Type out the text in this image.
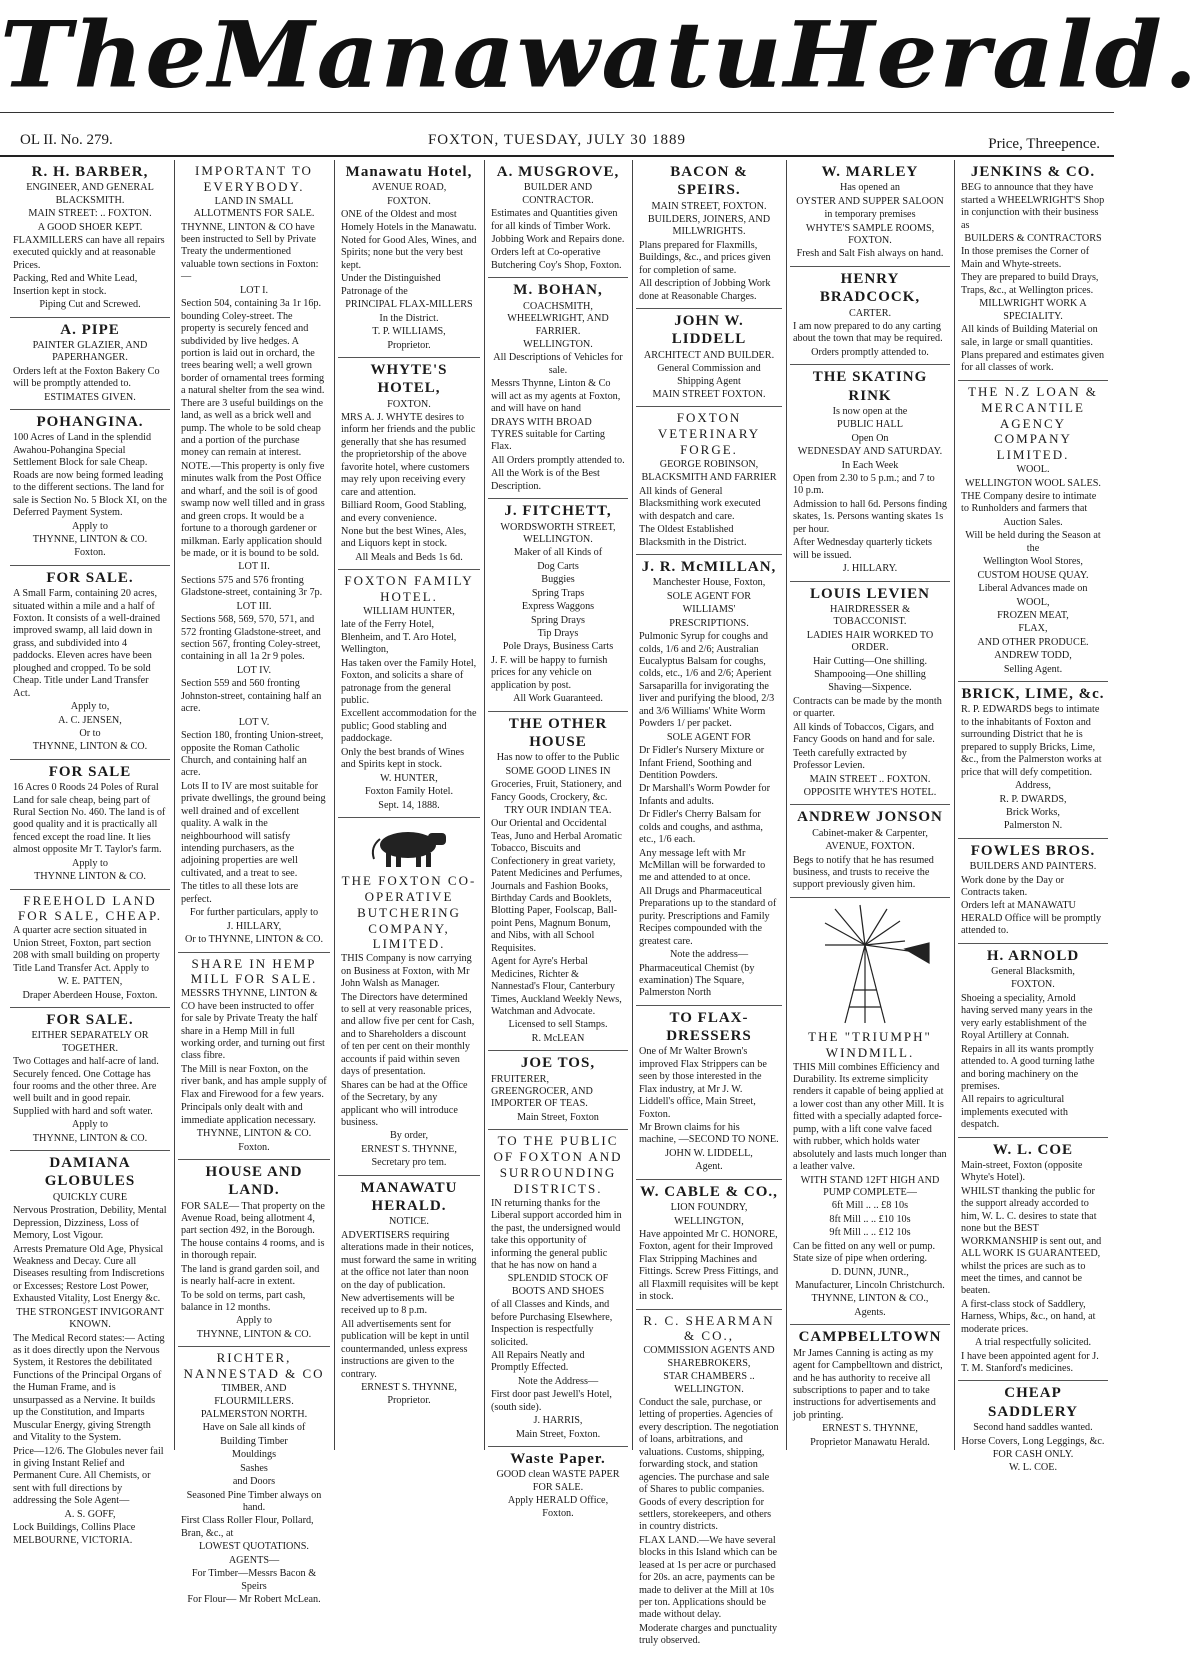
The Manawatu Herald.
OL II. No. 279.	FOXTON, TUESDAY, JULY 30 1889	Price, Threepence.
R. H. BARBER,

ENGINEER, AND GENERAL BLACKSMITH.

MAIN STREET: .. FOXTON.

A GOOD SHOER KEPT.

FLAXMILLERS can have all repairs executed quickly and at reasonable Prices.

Packing, Red and White Lead, Insertion kept in stock.

Piping Cut and Screwed.

A. PIPE

PAINTER GLAZIER, AND PAPERHANGER.

Orders left at the Foxton Bakery Co will be promptly attended to.

ESTIMATES GIVEN.

POHANGINA.

100 Acres of Land in the splendid Awahou-Pohangina Special Settlement Block for sale Cheap. Roads are now being formed leading to the different sections. The land for sale is Section No. 5 Block XI, on the Deferred Payment System.

Apply to

THYNNE, LINTON & CO.

Foxton.

FOR SALE.

A Small Farm, containing 20 acres, situated within a mile and a half of Foxton. It consists of a well-drained improved swamp, all laid down in grass, and subdivided into 4 paddocks. Eleven acres have been ploughed and cropped. To be sold Cheap. Title under Land Transfer Act.

Apply to,

A. C. JENSEN,

Or to

THYNNE, LINTON & CO.

FOR SALE

16 Acres 0 Roods 24 Poles of Rural Land for sale cheap, being part of Rural Section No. 460. The land is of good quality and it is practically all fenced except the road line. It lies almost opposite Mr T. Taylor's farm.

Apply to

THYNNE LINTON & CO.

FREEHOLD LAND FOR SALE, CHEAP.

A quarter acre section situated in Union Street, Foxton, part section 208 with small building on property Title Land Transfer Act. Apply to

W. E. PATTEN,

Draper Aberdeen House, Foxton.

FOR SALE.

EITHER SEPARATELY OR TOGETHER.

Two Cottages and half-acre of land. Securely fenced. One Cottage has four rooms and the other three. Are well built and in good repair. Supplied with hard and soft water.

Apply to

THYNNE, LINTON & CO.

DAMIANA GLOBULES

QUICKLY CURE

Nervous Prostration, Debility, Mental Depression, Dizziness, Loss of Memory, Lost Vigour.

Arrests Premature Old Age, Physical Weakness and Decay. Cure all Diseases resulting from Indiscretions or Excesses; Restore Lost Power, Exhausted Vitality, Lost Energy &c.

THE STRONGEST INVIGORANT KNOWN.

The Medical Record states:— Acting as it does directly upon the Nervous System, it Restores the debilitated Functions of the Principal Organs of the Human Frame, and is unsurpassed as a Nervine. It builds up the Constitution, and Imparts Muscular Energy, giving Strength and Vitality to the System.

Price—12/6. The Globules never fail in giving Instant Relief and Permanent Cure. All Chemists, or sent with full directions by addressing the Sole Agent—

A. S. GOFF,

Lock Buildings, Collins Place MELBOURNE, VICTORIA.

IMPORTANT TO EVERYBODY.

LAND IN SMALL ALLOTMENTS FOR SALE.

THYNNE, LINTON & CO have been instructed to Sell by Private Treaty the undermentioned valuable town sections in Foxton:—

LOT I.

Section 504, containing 3a 1r 16p. bounding Coley-street. The property is securely fenced and subdivided by live hedges. A portion is laid out in orchard, the trees bearing well; a well grown border of ornamental trees forming a natural shelter from the sea wind. There are 3 useful buildings on the land, as well as a brick well and pump. The whole to be sold cheap and a portion of the purchase money can remain at interest.

NOTE.—This property is only five minutes walk from the Post Office and wharf, and the soil is of good swamp now well tilled and in grass and green crops. It would be a fortune to a thorough gardener or milkman. Early application should be made, or it is bound to be sold.

LOT II.

Sections 575 and 576 fronting Gladstone-street, containing 3r 7p.

LOT III.

Sections 568, 569, 570, 571, and 572 fronting Gladstone-street, and section 567, fronting Coley-street, containing in all 1a 2r 9 poles.

LOT IV.

Section 559 and 560 fronting Johnston-street, containing half an acre.

LOT V.

Section 180, fronting Union-street, opposite the Roman Catholic Church, and containing half an acre.

Lots II to IV are most suitable for private dwellings, the ground being well drained and of excellent quality. A walk in the neighbourhood will satisfy intending purchasers, as the adjoining properties are well cultivated, and a treat to see.

The titles to all these lots are perfect.

For further particulars, apply to

J. HILLARY,

Or to THYNNE, LINTON & CO.

SHARE IN HEMP MILL FOR SALE.

MESSRS THYNNE, LINTON & CO have been instructed to offer for sale by Private Treaty the half share in a Hemp Mill in full working order, and turning out first class fibre.

The Mill is near Foxton, on the river bank, and has ample supply of Flax and Firewood for a few years.

Principals only dealt with and immediate application necessary.

THYNNE, LINTON & CO.

Foxton.

HOUSE AND LAND.

FOR SALE— That property on the Avenue Road, being allotment 4, part section 492, in the Borough. The house contains 4 rooms, and is in thorough repair.

The land is grand garden soil, and is nearly half-acre in extent.

To be sold on terms, part cash, balance in 12 months.

Apply to

THYNNE, LINTON & CO.

RICHTER, NANNESTAD & CO

TIMBER, AND FLOURMILLERS.

PALMERSTON NORTH.

Have on Sale all kinds of

Building Timber

Mouldings

Sashes

and Doors

Seasoned Pine Timber always on hand.

First Class Roller Flour, Pollard, Bran, &c., at

LOWEST QUOTATIONS.

AGENTS—

For Timber—Messrs Bacon & Speirs

For Flour— Mr Robert McLean.

Manawatu Hotel,

AVENUE ROAD,

FOXTON.

ONE of the Oldest and most Homely Hotels in the Manawatu.

Noted for Good Ales, Wines, and Spirits; none but the very best kept.

Under the Distinguished Patronage of the

PRINCIPAL FLAX-MILLERS

In the District.

T. P. WILLIAMS,

Proprietor.

WHYTE'S HOTEL,

FOXTON.

MRS A. J. WHYTE desires to inform her friends and the public generally that she has resumed the proprietorship of the above favorite hotel, where customers may rely upon receiving every care and attention.

Billiard Room, Good Stabling, and every convenience.

None but the best Wines, Ales, and Liquors kept in stock.

All Meals and Beds 1s 6d.

FOXTON FAMILY HOTEL.

WILLIAM HUNTER,

late of the Ferry Hotel, Blenheim, and T. Aro Hotel, Wellington,

Has taken over the Family Hotel, Foxton, and solicits a share of patronage from the general public.

Excellent accommodation for the public; Good stabling and paddockage.

Only the best brands of Wines and Spirits kept in stock.

W. HUNTER,

Foxton Family Hotel.

Sept. 14, 1888.

THE FOXTON CO-OPERATIVE BUTCHERING COMPANY, LIMITED.

THIS Company is now carrying on Business at Foxton, with Mr John Walsh as Manager.

The Directors have determined to sell at very reasonable prices, and allow five per cent for Cash, and to Shareholders a discount of ten per cent on their monthly accounts if paid within seven days of presentation.

Shares can be had at the Office of the Secretary, by any applicant who will introduce business.

By order,

ERNEST S. THYNNE,

Secretary pro tem.

MANAWATU HERALD.

NOTICE.

ADVERTISERS requiring alterations made in their notices, must forward the same in writing at the office not later than noon on the day of publication.

New advertisements will be received up to 8 p.m.

All advertisements sent for publication will be kept in until countermanded, unless express instructions are given to the contrary.

ERNEST S. THYNNE,

Proprietor.

A. MUSGROVE,

BUILDER AND CONTRACTOR.

Estimates and Quantities given for all kinds of Timber Work.

Jobbing Work and Repairs done.

Orders left at Co-operative Butchering Coy's Shop, Foxton.

M. BOHAN,

COACHSMITH, WHEELWRIGHT, AND FARRIER.

WELLINGTON.

All Descriptions of Vehicles for sale.

Messrs Thynne, Linton & Co will act as my agents at Foxton, and will have on hand

DRAYS WITH BROAD TYRES suitable for Carting Flax.

All Orders promptly attended to.

All the Work is of the Best Description.

J. FITCHETT,

WORDSWORTH STREET, WELLINGTON.

Maker of all Kinds of

Dog Carts

Buggies

Spring Traps

Express Waggons

Spring Drays

Tip Drays

Pole Drays, Business Carts

J. F. will be happy to furnish prices for any vehicle on application by post.

All Work Guaranteed.

THE OTHER HOUSE

Has now to offer to the Public

SOME GOOD LINES IN

Groceries, Fruit, Stationery, and Fancy Goods, Crockery, &c.

TRY OUR INDIAN TEA.

Our Oriental and Occidental Teas, Juno and Herbal Aromatic Tobacco, Biscuits and Confectionery in great variety, Patent Medicines and Perfumes, Journals and Fashion Books, Birthday Cards and Booklets, Blotting Paper, Foolscap, Ball-point Pens, Magnum Bonum, and Nibs, with all School Requisites.

Agent for Ayre's Herbal Medicines, Richter & Nannestad's Flour, Canterbury Times, Auckland Weekly News, Watchman and Advocate.

Licensed to sell Stamps.

R. McLEAN

JOE TOS,

FRUITERER, GREENGROCER, AND IMPORTER OF TEAS.

Main Street, Foxton

TO THE PUBLIC OF FOXTON AND SURROUNDING DISTRICTS.

IN returning thanks for the Liberal support accorded him in the past, the undersigned would take this opportunity of informing the general public that he has now on hand a

SPLENDID STOCK OF BOOTS AND SHOES

of all Classes and Kinds, and before Purchasing Elsewhere, Inspection is respectfully solicited.

All Repairs Neatly and Promptly Effected.

Note the Address—

First door past Jewell's Hotel, (south side).

J. HARRIS,

Main Street, Foxton.

Waste Paper.

GOOD clean WASTE PAPER FOR SALE.

Apply HERALD Office, Foxton.

BACON & SPEIRS.

MAIN STREET, FOXTON.

BUILDERS, JOINERS, AND MILLWRIGHTS.

Plans prepared for Flaxmills, Buildings, &c., and prices given for completion of same.

All description of Jobbing Work done at Reasonable Charges.

JOHN W. LIDDELL

ARCHITECT AND BUILDER.

General Commission and Shipping Agent

MAIN STREET FOXTON.

FOXTON VETERINARY FORGE.

GEORGE ROBINSON,

BLACKSMITH AND FARRIER

All kinds of General Blacksmithing work executed with despatch and care.

The Oldest Established Blacksmith in the District.

J. R. McMILLAN,

Manchester House, Foxton,

SOLE AGENT FOR

WILLIAMS'

PRESCRIPTIONS.

Pulmonic Syrup for coughs and colds, 1/6 and 2/6; Australian Eucalyptus Balsam for coughs, colds, etc., 1/6 and 2/6; Aperient Sarsaparilla for invigorating the liver and purifying the blood, 2/3 and 3/6 Williams' White Worm Powders 1/ per packet.

SOLE AGENT FOR

Dr Fidler's Nursery Mixture or Infant Friend, Soothing and Dentition Powders.

Dr Marshall's Worm Powder for Infants and adults.

Dr Fidler's Cherry Balsam for colds and coughs, and asthma, etc., 1/6 each.

Any message left with Mr McMillan will be forwarded to me and attended to at once.

All Drugs and Pharmaceutical Preparations up to the standard of purity. Prescriptions and Family Recipes compounded with the greatest care.

Note the address—

Pharmaceutical Chemist (by examination) The Square, Palmerston North

TO FLAX-DRESSERS

One of Mr Walter Brown's improved Flax Strippers can be seen by those interested in the Flax industry, at Mr J. W. Liddell's office, Main Street, Foxton.

Mr Brown claims for his machine, —SECOND TO NONE.

JOHN W. LIDDELL,

Agent.

W. CABLE & CO.,

LION FOUNDRY,

WELLINGTON,

Have appointed Mr C. HONORE, Foxton, agent for their Improved Flax Stripping Machines and Fittings. Screw Press Fittings, and all Flaxmill requisites will be kept in stock.

R. C. SHEARMAN & CO.,

COMMISSION AGENTS AND SHAREBROKERS,

STAR CHAMBERS .. WELLINGTON.

Conduct the sale, purchase, or letting of properties. Agencies of every description. The negotiation of loans, arbitrations, and valuations. Customs, shipping, forwarding stock, and station agencies. The purchase and sale of Shares to public companies. Goods of every description for settlers, storekeepers, and others in country districts.

FLAX LAND.—We have several blocks in this Island which can be leased at 1s per acre or purchased for 20s. an acre, payments can be made to deliver at the Mill at 10s per ton. Applications should be made without delay.

Moderate charges and punctuality truly observed.

W. MARLEY

Has opened an

OYSTER AND SUPPER SALOON

in temporary premises

WHYTE'S SAMPLE ROOMS, FOXTON.

Fresh and Salt Fish always on hand.

HENRY BRADCOCK,

CARTER.

I am now prepared to do any carting about the town that may be required.

Orders promptly attended to.

THE SKATING RINK

Is now open at the

PUBLIC HALL

Open On

WEDNESDAY AND SATURDAY.

In Each Week

Open from 2.30 to 5 p.m.; and 7 to 10 p.m.

Admission to hall 6d. Persons finding skates, 1s. Persons wanting skates 1s per hour.

After Wednesday quarterly tickets will be issued.

J. HILLARY.

LOUIS LEVIEN

HAIRDRESSER & TOBACCONIST.

LADIES HAIR WORKED TO ORDER.

Hair Cutting—One shilling.

Shampooing—One shilling

Shaving—Sixpence.

Contracts can be made by the month or quarter.

All kinds of Tobaccos, Cigars, and Fancy Goods on hand and for sale.

Teeth carefully extracted by Professor Levien.

MAIN STREET .. FOXTON.

OPPOSITE WHYTE'S HOTEL.

ANDREW JONSON

Cabinet-maker & Carpenter,

AVENUE, FOXTON.

Begs to notify that he has resumed business, and trusts to receive the support previously given him.

THE "TRIUMPH" WINDMILL.

THIS Mill combines Efficiency and Durability. Its extreme simplicity renders it capable of being applied at a lower cost than any other Mill. It is fitted with a specially adapted force-pump, with a lift cone valve faced with rubber, which holds water absolutely and lasts much longer than a leather valve.

WITH STAND 12FT HIGH AND PUMP COMPLETE—

6ft Mill .. .. £8 10s

8ft Mill .. .. £10 10s

9ft Mill .. .. £12 10s

Can be fitted on any well or pump. State size of pipe when ordering.

D. DUNN, JUNR.,

Manufacturer, Lincoln Christchurch.

THYNNE, LINTON & CO.,

Agents.

CAMPBELLTOWN

Mr James Canning is acting as my agent for Campbelltown and district, and he has authority to receive all subscriptions to paper and to take instructions for advertisements and job printing.

ERNEST S. THYNNE,

Proprietor Manawatu Herald.

JENKINS & CO.

BEG to announce that they have started a WHEELWRIGHT'S Shop in conjunction with their business as

BUILDERS & CONTRACTORS

In those premises the Corner of Main and Whyte-streets.

They are prepared to build Drays, Traps, &c., at Wellington prices.

MILLWRIGHT WORK A SPECIALITY.

All kinds of Building Material on sale, in large or small quantities.

Plans prepared and estimates given for all classes of work.

THE N.Z LOAN & MERCANTILE AGENCY COMPANY LIMITED.

WOOL.

WELLINGTON WOOL SALES.

THE Company desire to intimate to Runholders and farmers that

Auction Sales.

Will be held during the Season at the

Wellington Wool Stores,

CUSTOM HOUSE QUAY.

Liberal Advances made on

WOOL,

FROZEN MEAT,

FLAX,

AND OTHER PRODUCE.

ANDREW TODD,

Selling Agent.

BRICK, LIME, &c.

R. P. EDWARDS begs to intimate to the inhabitants of Foxton and surrounding District that he is prepared to supply Bricks, Lime, &c., from the Palmerston works at price that will defy competition.

Address,

R. P. DWARDS,

Brick Works,

Palmerston N.

FOWLES BROS.

BUILDERS AND PAINTERS.

Work done by the Day or Contracts taken.

Orders left at MANAWATU HERALD Office will be promptly attended to.

H. ARNOLD

General Blacksmith,

FOXTON.

Shoeing a speciality, Arnold having served many years in the very early establishment of the Royal Artillery at Connah.

Repairs in all its wants promptly attended to. A good turning lathe and boring machinery on the premises.

All repairs to agricultural implements executed with despatch.

W. L. COE

Main-street, Foxton (opposite Whyte's Hotel).

WHILST thanking the public for the support already accorded to him, W. L. C. desires to state that none but the BEST WORKMANSHIP is sent out, and ALL WORK IS GUARANTEED, whilst the prices are such as to meet the times, and cannot be beaten.

A first-class stock of Saddlery, Harness, Whips, &c., on hand, at moderate prices.

A trial respectfully solicited.

I have been appointed agent for J. T. M. Stanford's medicines.

CHEAP SADDLERY

Second hand saddles wanted.

Horse Covers, Long Leggings, &c.

FOR CASH ONLY.

W. L. COE.
